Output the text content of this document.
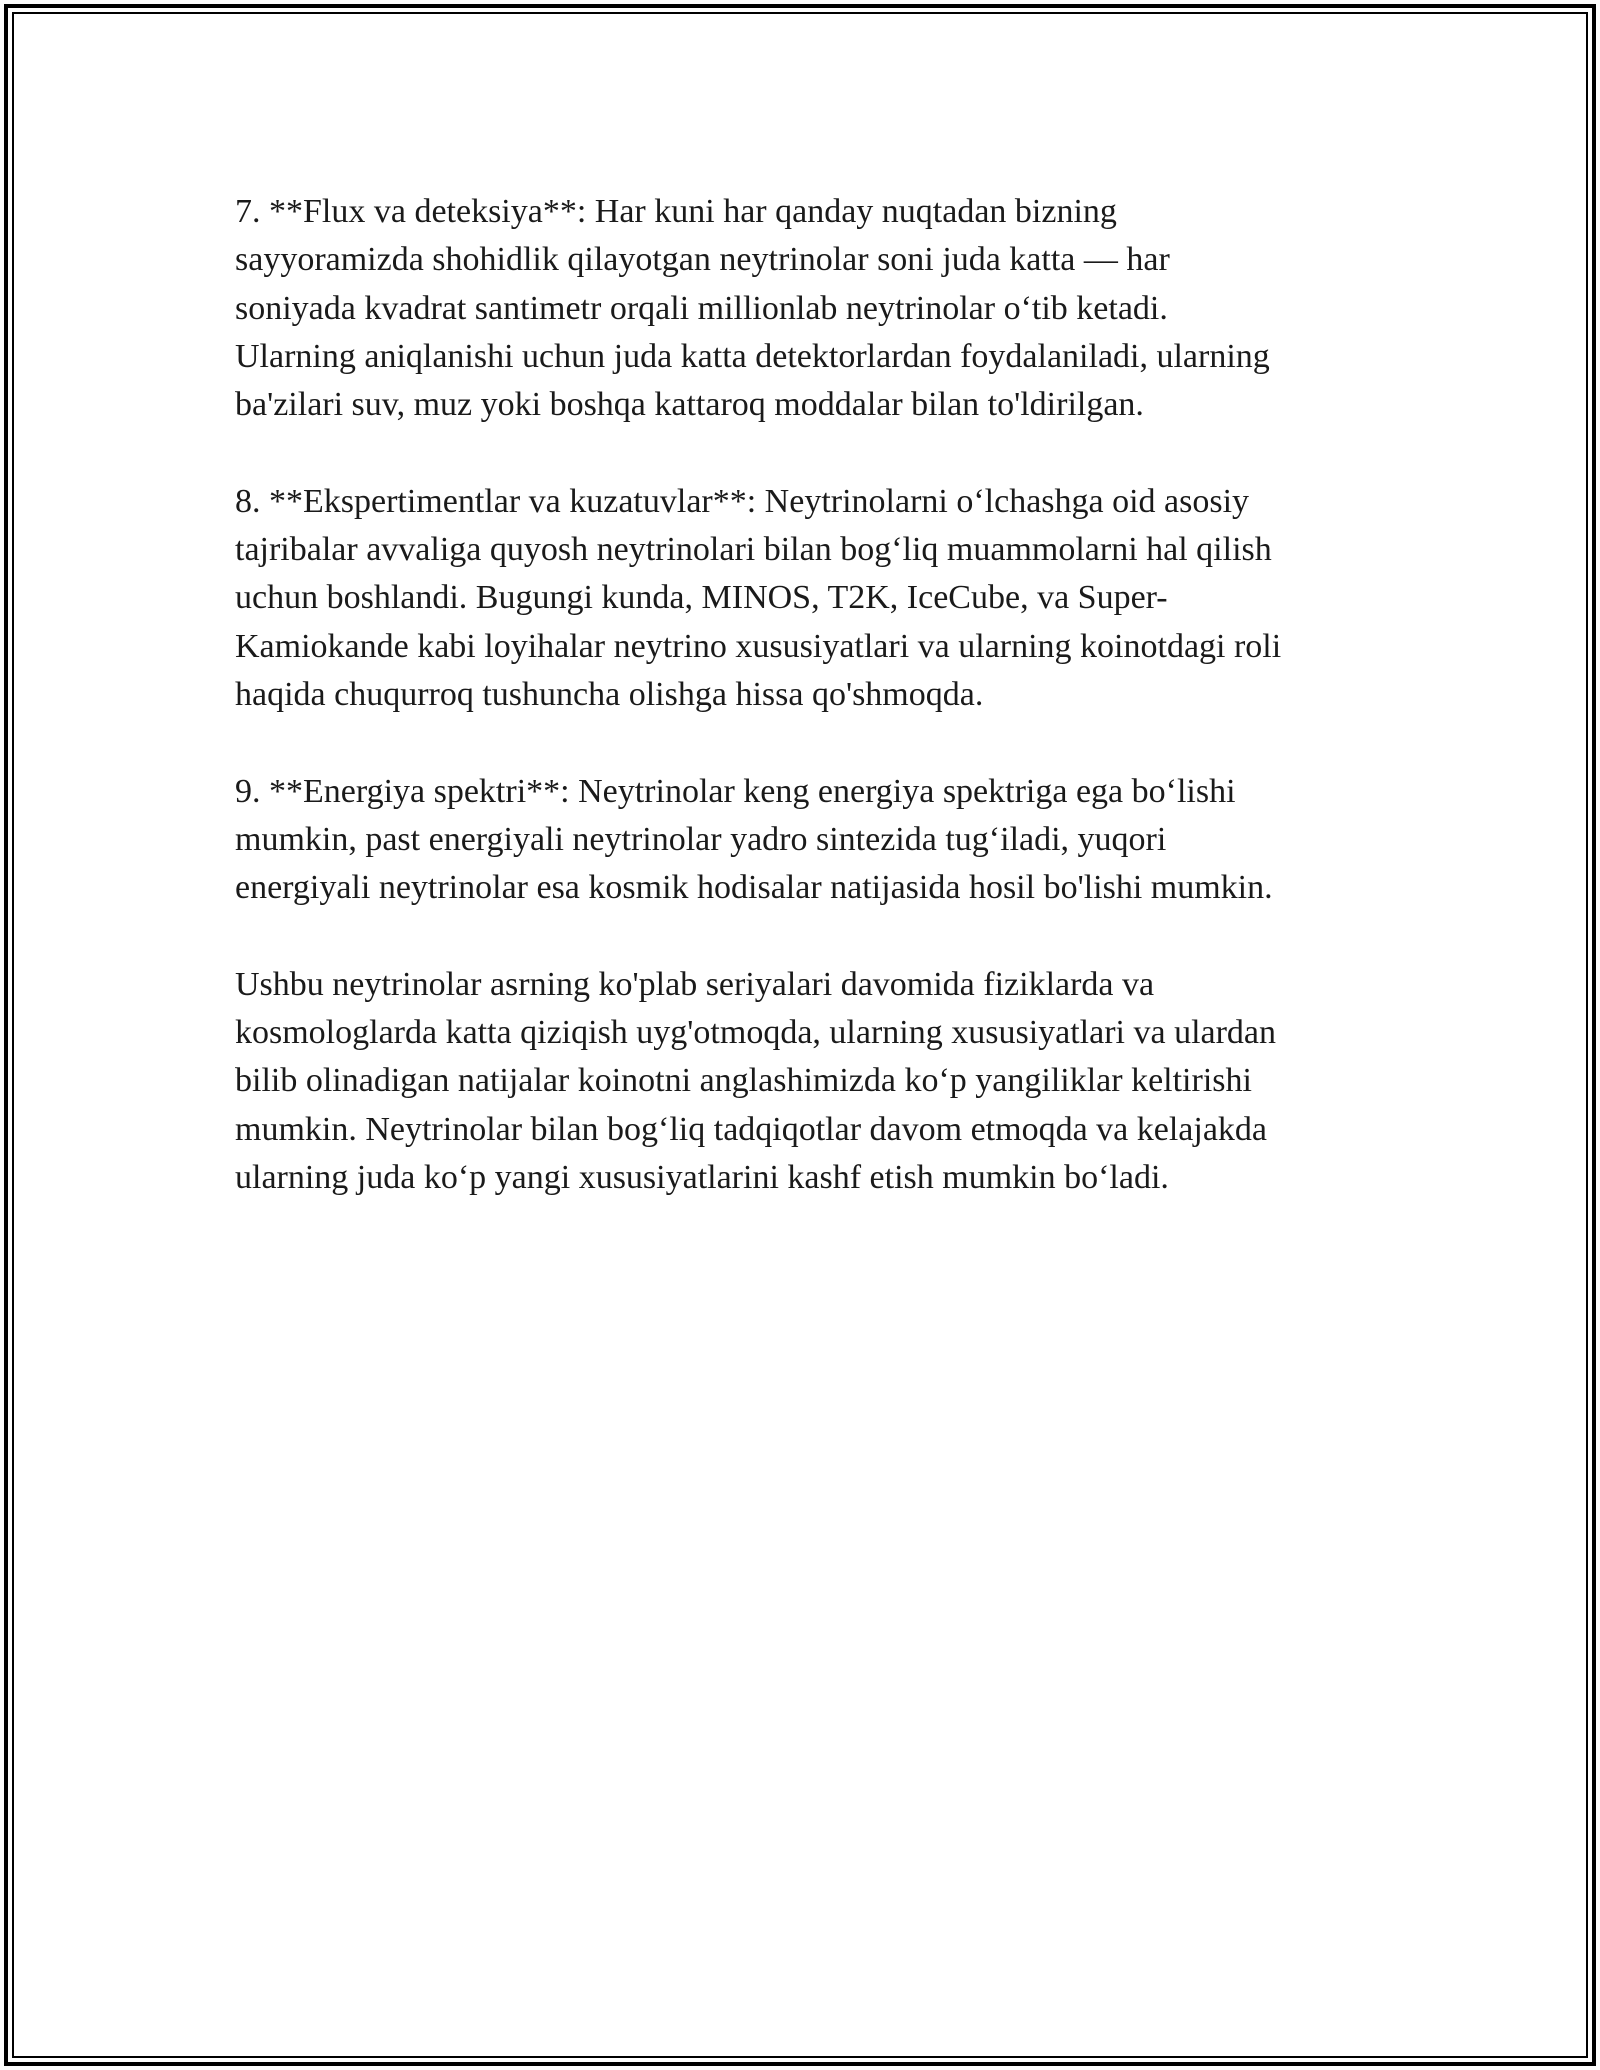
7. **Flux va deteksiya**: Har kuni har qanday nuqtadan bizning
sayyoramizda shohidlik qilayotgan neytrinolar soni juda katta — har
soniyada kvadrat santimetr orqali millionlab neytrinolar o‘tib ketadi.
Ularning aniqlanishi uchun juda katta detektorlardan foydalaniladi, ularning
ba'zilari suv, muz yoki boshqa kattaroq moddalar bilan to'ldirilgan.

8. **Ekspertimentlar va kuzatuvlar**: Neytrinolarni o‘lchashga oid asosiy
tajribalar avvaliga quyosh neytrinolari bilan bog‘liq muammolarni hal qilish
uchun boshlandi. Bugungi kunda, MINOS, T2K, IceCube, va Super-
Kamiokande kabi loyihalar neytrino xususiyatlari va ularning koinotdagi roli
haqida chuqurroq tushuncha olishga hissa qo'shmoqda.

9. **Energiya spektri**: Neytrinolar keng energiya spektriga ega bo‘lishi
mumkin, past energiyali neytrinolar yadro sintezida tug‘iladi, yuqori
energiyali neytrinolar esa kosmik hodisalar natijasida hosil bo'lishi mumkin.

Ushbu neytrinolar asrning ko'plab seriyalari davomida fiziklarda va
kosmologlarda katta qiziqish uyg'otmoqda, ularning xususiyatlari va ulardan
bilib olinadigan natijalar koinotni anglashimizda ko‘p yangiliklar keltirishi
mumkin. Neytrinolar bilan bog‘liq tadqiqotlar davom etmoqda va kelajakda
ularning juda ko‘p yangi xususiyatlarini kashf etish mumkin bo‘ladi.
